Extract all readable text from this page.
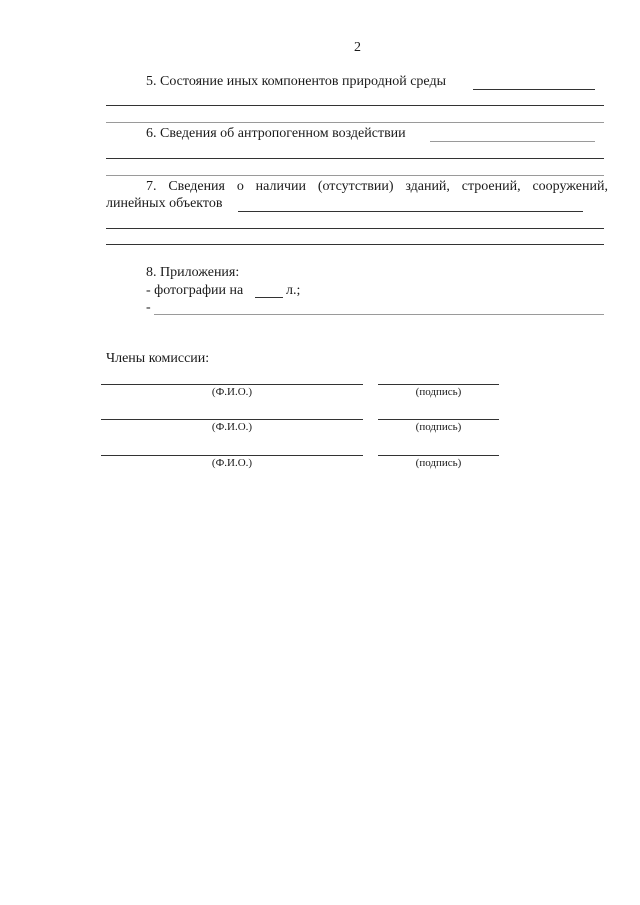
2
5. Состояние иных компонентов природной среды
6. Сведения об антропогенном воздействии
7. Сведения о наличии (отсутствии) зданий, строений, сооружений,
линейных объектов
8. Приложения:
- фотографии на	л.;
-
Члены комиссии:
(Ф.И.О.)	(подпись)
(Ф.И.О.)	(подпись)
(Ф.И.О.)	(подпись)
